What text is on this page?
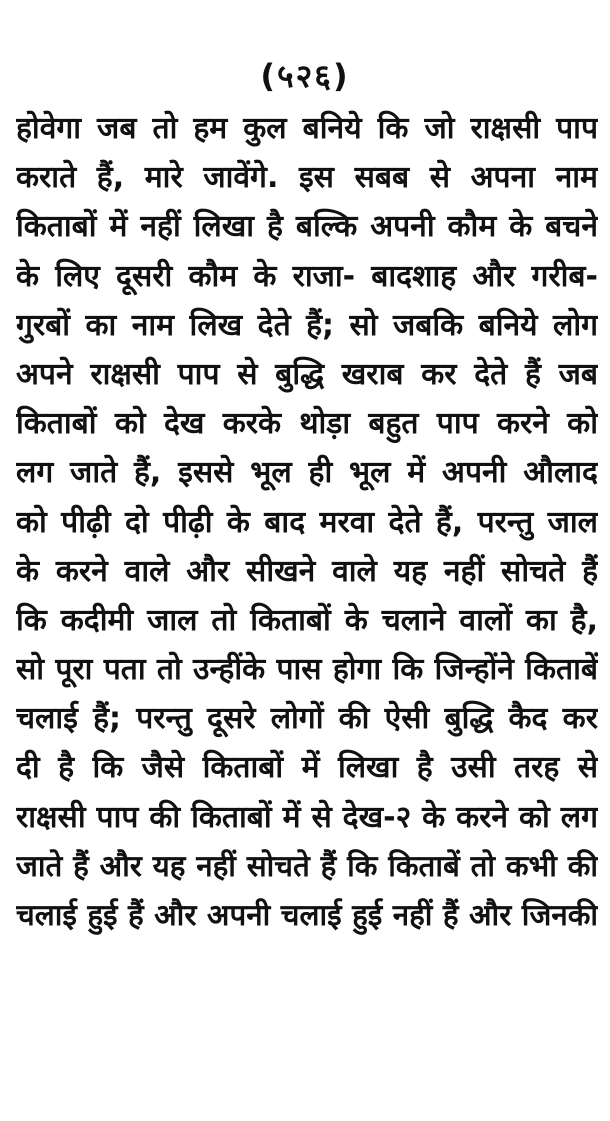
(५२६)
होवेगा जब तो हम कुल बनिये कि जो राक्षसी पाप
कराते हैं, मारे जावेंगे. इस सबब से अपना नाम
किताबों में नहीं लिखा है बल्कि अपनी कौम के बचने
के लिए दूसरी कौम के राजा- बादशाह और गरीब-
गुरबों का नाम लिख देते हैं; सो जबकि बनिये लोग
अपने राक्षसी पाप से बुद्धि खराब कर देते हैं जब
किताबों को देख करके थोड़ा बहुत पाप करने को
लग जाते हैं, इससे भूल ही भूल में अपनी औलाद
को पीढ़ी दो पीढ़ी के बाद मरवा देते हैं, परन्तु जाल
के करने वाले और सीखने वाले यह नहीं सोचते हैं
कि कदीमी जाल तो किताबों के चलाने वालों का है,
सो पूरा पता तो उन्हींके पास होगा कि जिन्होंने किताबें
चलाई हैं; परन्तु दूसरे लोगों की ऐसी बुद्धि कैद कर
दी है कि जैसे किताबों में लिखा है उसी तरह से
राक्षसी पाप की किताबों में से देख-२ के करने को लग
जाते हैं और यह नहीं सोचते हैं कि किताबें तो कभी की
चलाई हुई हैं और अपनी चलाई हुई नहीं हैं और जिनकी
